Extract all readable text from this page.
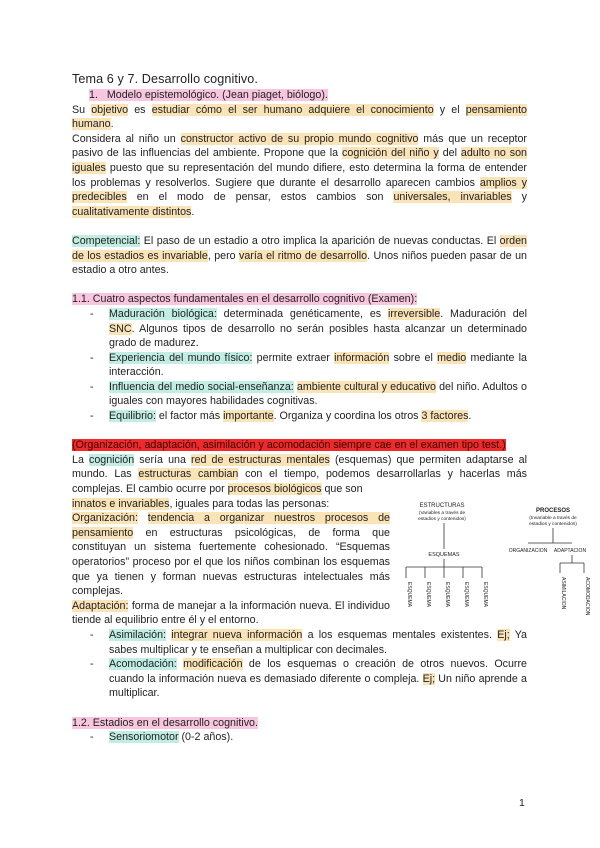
Tema 6 y 7. Desarrollo cognitivo.

1. Modelo epistemológico. (Jean piaget, biólogo).

Su objetivo es estudiar cómo el ser humano adquiere el conocimiento y el pensamiento humano.

Considera al niño un constructor activo de su propio mundo cognitivo más que un receptor pasivo de las influencias del ambiente. Propone que la cognición del niño y del adulto no son iguales puesto que su representación del mundo difiere, esto determina la forma de entender los problemas y resolverlos. Sugiere que durante el desarrollo aparecen cambios amplios y predecibles en el modo de pensar, estos cambios son universales, invariables y cualitativamente distintos.

Competencial: El paso de un estadio a otro implica la aparición de nuevas conductas. El orden de los estadios es invariable, pero varía el ritmo de desarrollo. Unos niños pueden pasar de un estadio a otro antes.

1.1. Cuatro aspectos fundamentales en el desarrollo cognitivo (Examen):

- Maduración biológica: determinada genéticamente, es irreversible. Maduración del SNC. Algunos tipos de desarrollo no serán posibles hasta alcanzar un determinado grado de madurez.
- Experiencia del mundo físico: permite extraer información sobre el medio mediante la interacción.
- Influencia del medio social-enseñanza: ambiente cultural y educativo del niño. Adultos o iguales con mayores habilidades cognitivas.
- Equilibrio: el factor más importante. Organiza y coordina los otros 3 factores.

(Organización, adaptación, asimilación y acomodación siempre cae en el examen tipo test.)

La cognición sería una red de estructuras mentales (esquemas) que permiten adaptarse al mundo. Las estructuras cambian con el tiempo, podemos desarrollarlas y hacerlas más complejas. El cambio ocurre por procesos biológicos que son

innatos e invariables, iguales para todas las personas:

Organización: tendencia a organizar nuestros procesos de pensamiento en estructuras psicológicas, de forma que constituyan un sistema fuertemente cohesionado. “Esquemas operatorios” proceso por el que los niños combinan los esquemas que ya tienen y forman nuevas estructuras intelectuales más complejas.

Adaptación: forma de manejar a la información nueva. El individuo tiende al equilibrio entre él y el entorno.

- Asimilación: integrar nueva información a los esquemas mentales existentes. Ej; Ya sabes multiplicar y te enseñan a multiplicar con decimales.
- Acomodación: modificación de los esquemas o creación de otros nuevos. Ocurre cuando la información nueva es demasiado diferente o compleja. Ej; Un niño aprende a multiplicar.

1.2. Estadios en el desarrollo cognitivo.

- Sensoriomotor (0-2 años).
ESTRUCTURAS
(Variables a través de
estadios y contenidos)
PROCESOS
(Invariable a través de
estadios y contenidos)
ESQUEMAS
ORGANIZACION ADAPTACION
ESQUEMA	ESQUEMA	ESQUEMA	ESQUEMA	ESQUEMA	ASIMILACION	ACOMODACION
1
